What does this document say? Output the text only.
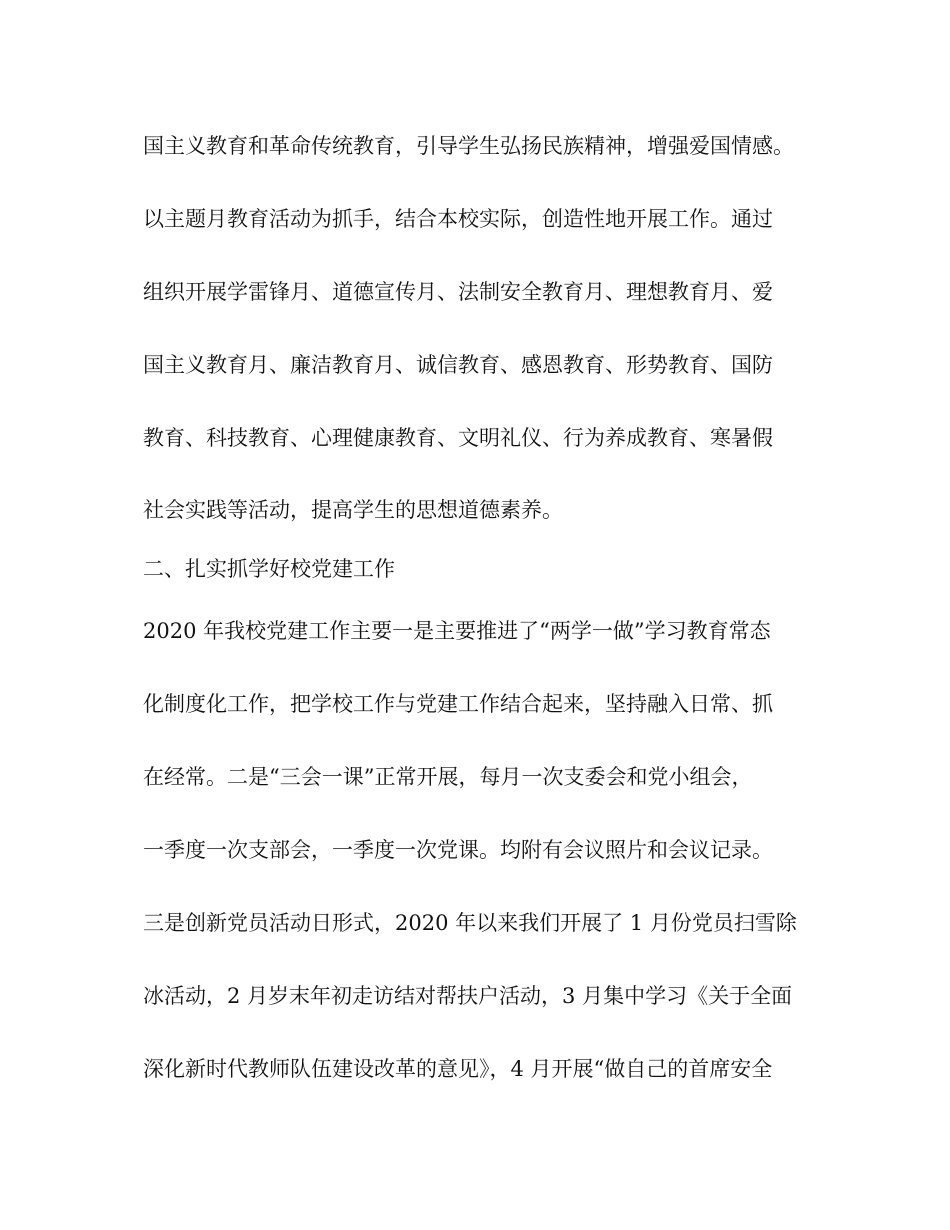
国主义教育和革命传统教育，引导学生弘扬民族精神，增强爱国情感。

以主题月教育活动为抓手，结合本校实际，创造性地开展工作。通过

组织开展学雷锋月、道德宣传月、法制安全教育月、理想教育月、爱

国主义教育月、廉洁教育月、诚信教育、感恩教育、形势教育、国防

教育、科技教育、心理健康教育、文明礼仪、行为养成教育、寒暑假

社会实践等活动，提高学生的思想道德素养。

二、扎实抓学好校党建工作

2020 年我校党建工作主要一是主要推进了“两学一做”学习教育常态

化制度化工作，把学校工作与党建工作结合起来，坚持融入日常、抓

在经常。二是“三会一课”正常开展，每月一次支委会和党小组会，

一季度一次支部会，一季度一次党课。均附有会议照片和会议记录。

三是创新党员活动日形式，2020 年以来我们开展了 1 月份党员扫雪除

冰活动，2 月岁末年初走访结对帮扶户活动，3 月集中学习《关于全面

深化新时代教师队伍建设改革的意见》，4 月开展“做自己的首席安全
